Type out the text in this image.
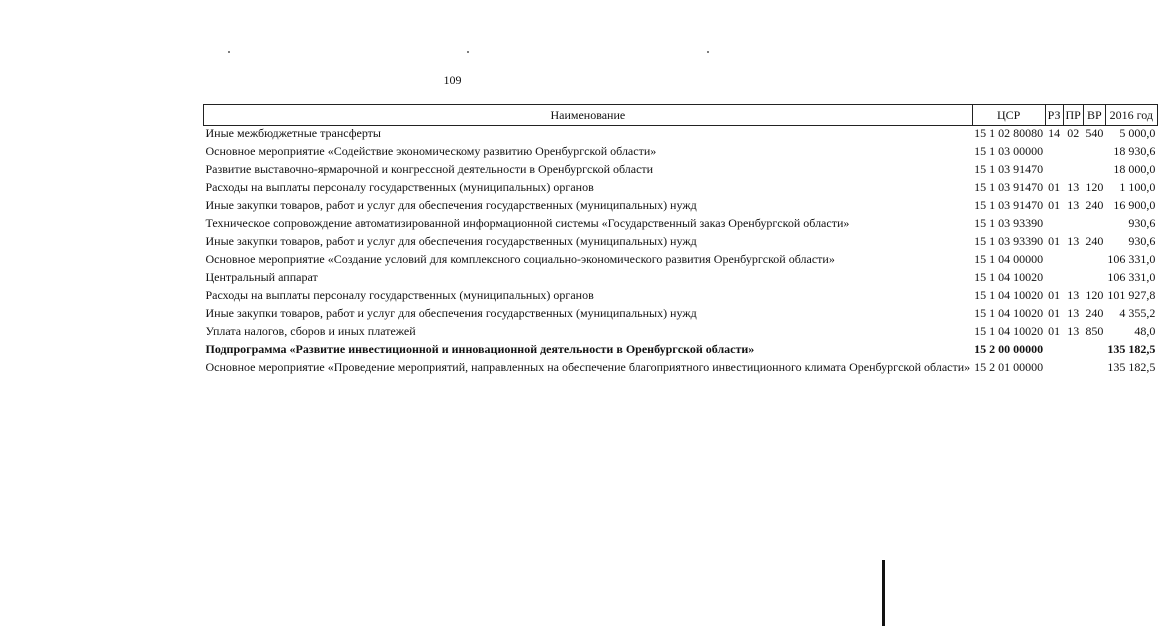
109
Наименование	ЦСР	РЗ	ПР	ВР	2016 год
Иные межбюджетные трансферты	15 1 02 80080	14	02	540	5 000,0
Основное мероприятие «Содействие экономическому развитию Оренбургской области»	15 1 03 00000				18 930,6
Развитие выставочно-ярмарочной и конгрессной деятельности в Оренбургской области	15 1 03 91470				18 000,0
Расходы на выплаты персоналу государственных (муниципальных) органов	15 1 03 91470	01	13	120	1 100,0
Иные закупки товаров, работ и услуг для обеспечения государственных (муниципальных) нужд	15 1 03 91470	01	13	240	16 900,0
Техническое сопровождение автоматизированной информационной системы «Государственный заказ Оренбургской области»	15 1 03 93390				930,6
Иные закупки товаров, работ и услуг для обеспечения государственных (муниципальных) нужд	15 1 03 93390	01	13	240	930,6
Основное мероприятие «Создание условий для комплексного социально-экономического развития Оренбургской области»	15 1 04 00000				106 331,0
Центральный аппарат	15 1 04 10020				106 331,0
Расходы на выплаты персоналу государственных (муниципальных) органов	15 1 04 10020	01	13	120	101 927,8
Иные закупки товаров, работ и услуг для обеспечения государственных (муниципальных) нужд	15 1 04 10020	01	13	240	4 355,2
Уплата налогов, сборов и иных платежей	15 1 04 10020	01	13	850	48,0
Подпрограмма «Развитие инвестиционной и инновационной деятельности в Оренбургской области»	15 2 00 00000				135 182,5
Основное мероприятие «Проведение мероприятий, направленных на обеспечение благоприятного инвестиционного климата Оренбургской области»	15 2 01 00000				135 182,5
